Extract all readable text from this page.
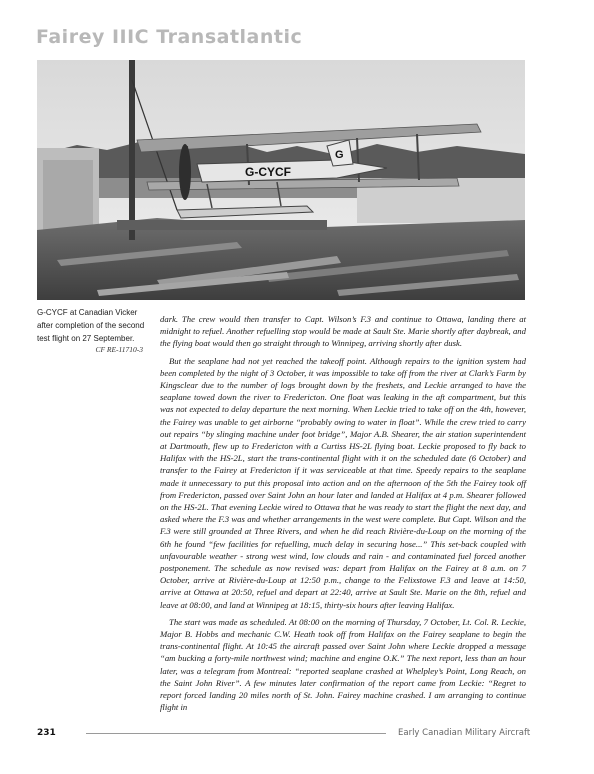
Fairey IIIC Transatlantic
G-CYCF
G
G-CYCF at Canadian Vicker after completion of the second test flight on 27 September.
CF RE-11710-3

dark. The crew would then transfer to Capt. Wilson’s F.3 and continue to Ottawa, landing there at midnight to refuel. Another refuelling stop would be made at Sault Ste. Marie shortly after daybreak, and the flying boat would then go straight through to Winnipeg, arriving shortly after dusk.

But the seaplane had not yet reached the takeoff point. Although repairs to the ignition system had been completed by the night of 3 October, it was impossible to take off from the river at Clark’s Farm by Kingsclear due to the number of logs brought down by the freshets, and Leckie arranged to have the seaplane towed down the river to Fredericton. One float was leaking in the aft compartment, but this was not expected to delay departure the next morning. When Leckie tried to take off on the 4th, however, the Fairey was unable to get airborne “probably owing to water in float”. While the crew tried to carry out repairs “by slinging machine under foot bridge”, Major A.B. Shearer, the air station superintendent at Dartmouth, flew up to Fredericton with a Curtiss HS-2L flying boat. Leckie proposed to fly back to Halifax with the HS-2L, start the trans-continental flight with it on the scheduled date (6 October) and transfer to the Fairey at Fredericton if it was serviceable at that time. Speedy repairs to the seaplane made it unnecessary to put this proposal into action and on the afternoon of the 5th the Fairey took off from Fredericton, passed over Saint John an hour later and landed at Halifax at 4 p.m. Shearer followed on the HS-2L. That evening Leckie wired to Ottawa that he was ready to start the flight the next day, and asked where the F.3 was and whether arrangements in the west were complete. But Capt. Wilson and the F.3 were still grounded at Three Rivers, and when he did reach Rivière-du-Loup on the morning of the 6th he found “few facilities for refuelling, much delay in securing hose...” This set-back coupled with unfavourable weather - strong west wind, low clouds and rain - and contaminated fuel forced another postponement. The schedule as now revised was: depart from Halifax on the Fairey at 8 a.m. on 7 October, arrive at Rivière-du-Loup at 12:50 p.m., change to the Felixstowe F.3 and leave at 14:50, arrive at Ottawa at 20:50, refuel and depart at 22:40, arrive at Sault Ste. Marie on the 8th, refuel and leave at 08:00, and land at Winnipeg at 18:15, thirty-six hours after leaving Halifax.

The start was made as scheduled. At 08:00 on the morning of Thursday, 7 October, Lt. Col. R. Leckie, Major B. Hobbs and mechanic C.W. Heath took off from Halifax on the Fairey seaplane to begin the trans-continental flight. At 10:45 the aircraft passed over Saint John where Leckie dropped a message “am bucking a forty-mile northwest wind; machine and engine O.K.” The next report, less than an hour later, was a telegram from Montreal: “reported seaplane crashed at Whelpley’s Point, Long Reach, on the Saint John River”. A few minutes later confirmation of the report came from Leckie: “Regret to report forced landing 20 miles north of St. John. Fairey machine crashed. I am arranging to continue flight in

231	Early Canadian Military Aircraft
